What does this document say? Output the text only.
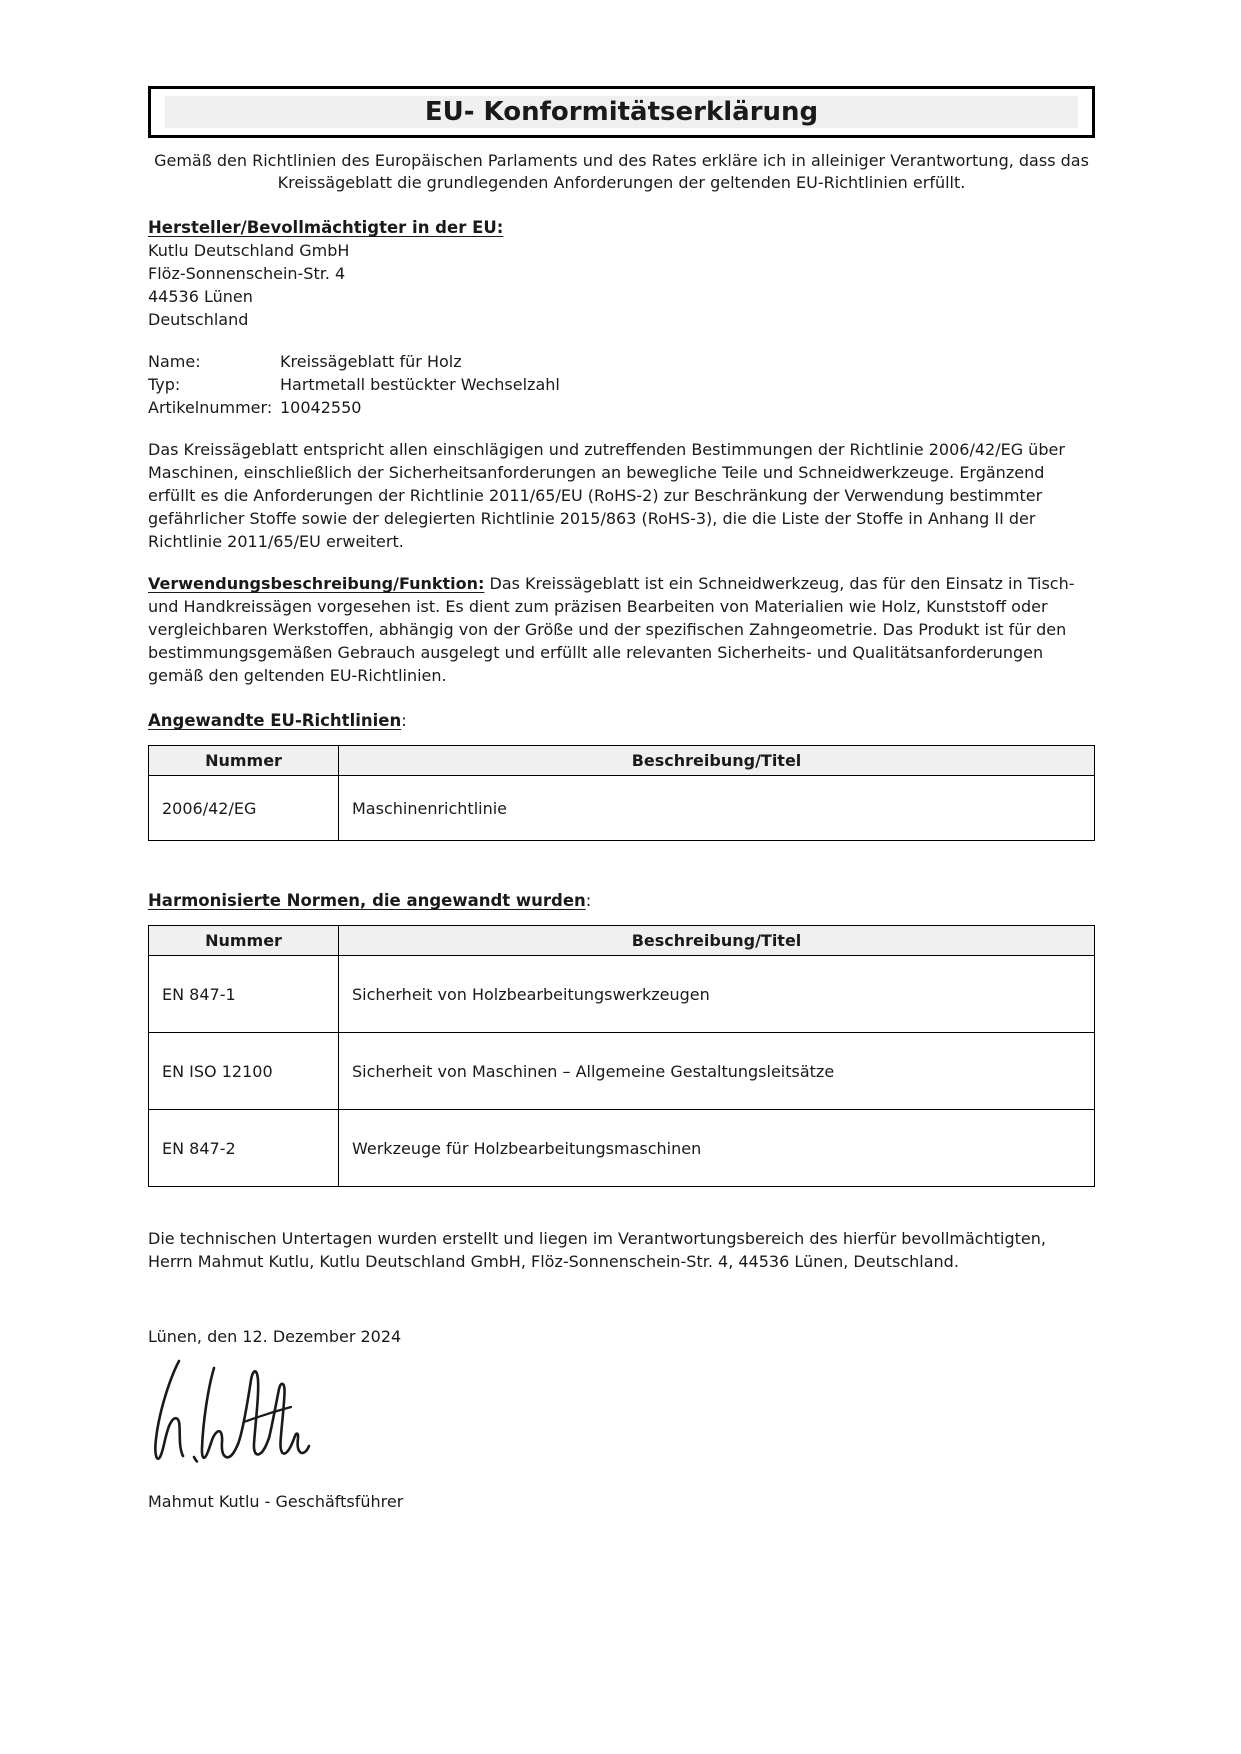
EU- Konformitätserklärung

Gemäß den Richtlinien des Europäischen Parlaments und des Rates erkläre ich in alleiniger Verantwortung, dass das Kreissägeblatt die grundlegenden Anforderungen der geltenden EU-Richtlinien erfüllt.

Hersteller/Bevollmächtigter in der EU:
Kutlu Deutschland GmbH
Flöz-Sonnenschein-Str. 4
44536 Lünen
Deutschland
Name:	Kreissägeblatt für Holz
Typ:	Hartmetall bestückter Wechselzahl
Artikelnummer: 10042550

Das Kreissägeblatt entspricht allen einschlägigen und zutreffenden Bestimmungen der Richtlinie 2006/42/EG über Maschinen, einschließlich der Sicherheitsanforderungen an bewegliche Teile und Schneidwerkzeuge. Ergänzend erfüllt es die Anforderungen der Richtlinie 2011/65/EU (RoHS-2) zur Beschränkung der Verwendung bestimmter gefährlicher Stoffe sowie der delegierten Richtlinie 2015/863 (RoHS-3), die die Liste der Stoffe in Anhang II der Richtlinie 2011/65/EU erweitert.

Verwendungsbeschreibung/Funktion: Das Kreissägeblatt ist ein Schneidwerkzeug, das für den Einsatz in Tisch- und Handkreissägen vorgesehen ist. Es dient zum präzisen Bearbeiten von Materialien wie Holz, Kunststoff oder vergleichbaren Werkstoffen, abhängig von der Größe und der spezifischen Zahngeometrie. Das Produkt ist für den bestimmungsgemäßen Gebrauch ausgelegt und erfüllt alle relevanten Sicherheits- und Qualitätsanforderungen gemäß den geltenden EU-Richtlinien.

Angewandte EU-Richtlinien:
Nummer	Beschreibung/Titel
2006/42/EG	Maschinenrichtlinie
Harmonisierte Normen, die angewandt wurden:
Nummer	Beschreibung/Titel
EN 847-1	Sicherheit von Holzbearbeitungswerkzeugen
EN ISO 12100	Sicherheit von Maschinen – Allgemeine Gestaltungsleitsätze
EN 847-2	Werkzeuge für Holzbearbeitungsmaschinen

Die technischen Untertagen wurden erstellt und liegen im Verantwortungsbereich des hierfür bevollmächtigten, Herrn Mahmut Kutlu, Kutlu Deutschland GmbH, Flöz-Sonnenschein-Str. 4, 44536 Lünen, Deutschland.

Lünen, den 12. Dezember 2024
Mahmut Kutlu - Geschäftsführer
